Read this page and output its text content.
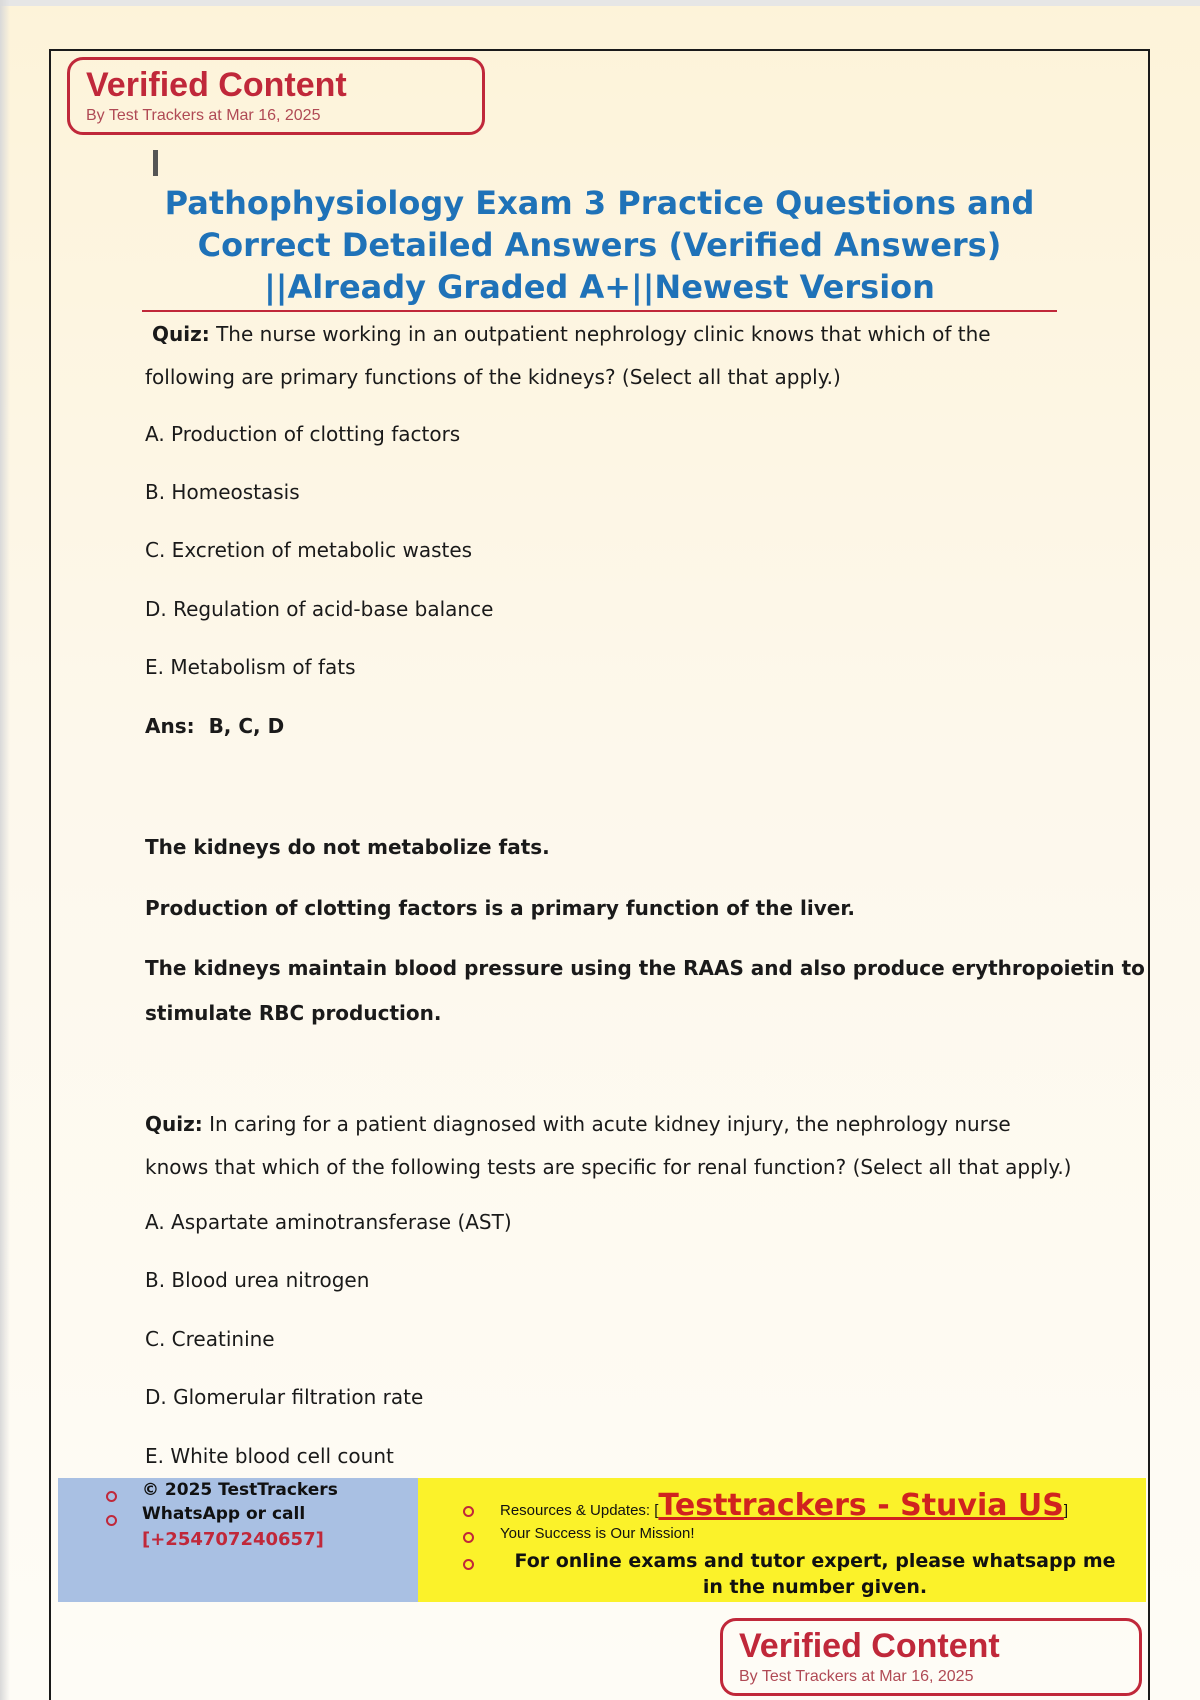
Verified Content
By Test Trackers at Mar 16, 2025
Pathophysiology Exam 3 Practice Questions and
Correct Detailed Answers (Verified Answers)
||Already Graded A+||Newest Version
Quiz: The nurse working in an outpatient nephrology clinic knows that which of the
following are primary functions of the kidneys? (Select all that apply.)
A. Production of clotting factors
B. Homeostasis
C. Excretion of metabolic wastes
D. Regulation of acid-base balance
E. Metabolism of fats
Ans: B, C, D
The kidneys do not metabolize fats.
Production of clotting factors is a primary function of the liver.
The kidneys maintain blood pressure using the RAAS and also produce erythropoietin to
stimulate RBC production.
Quiz: In caring for a patient diagnosed with acute kidney injury, the nephrology nurse
knows that which of the following tests are specific for renal function? (Select all that apply.)
A. Aspartate aminotransferase (AST)
B. Blood urea nitrogen
C. Creatinine
D. Glomerular filtration rate
E. White blood cell count
© 2025 TestTrackers
WhatsApp or call
[+254707240657]
Resources & Updates: [Testtrackers - Stuvia US]
Your Success is Our Mission!
For online exams and tutor expert, please whatsapp me
in the number given.
Verified Content
By Test Trackers at Mar 16, 2025
